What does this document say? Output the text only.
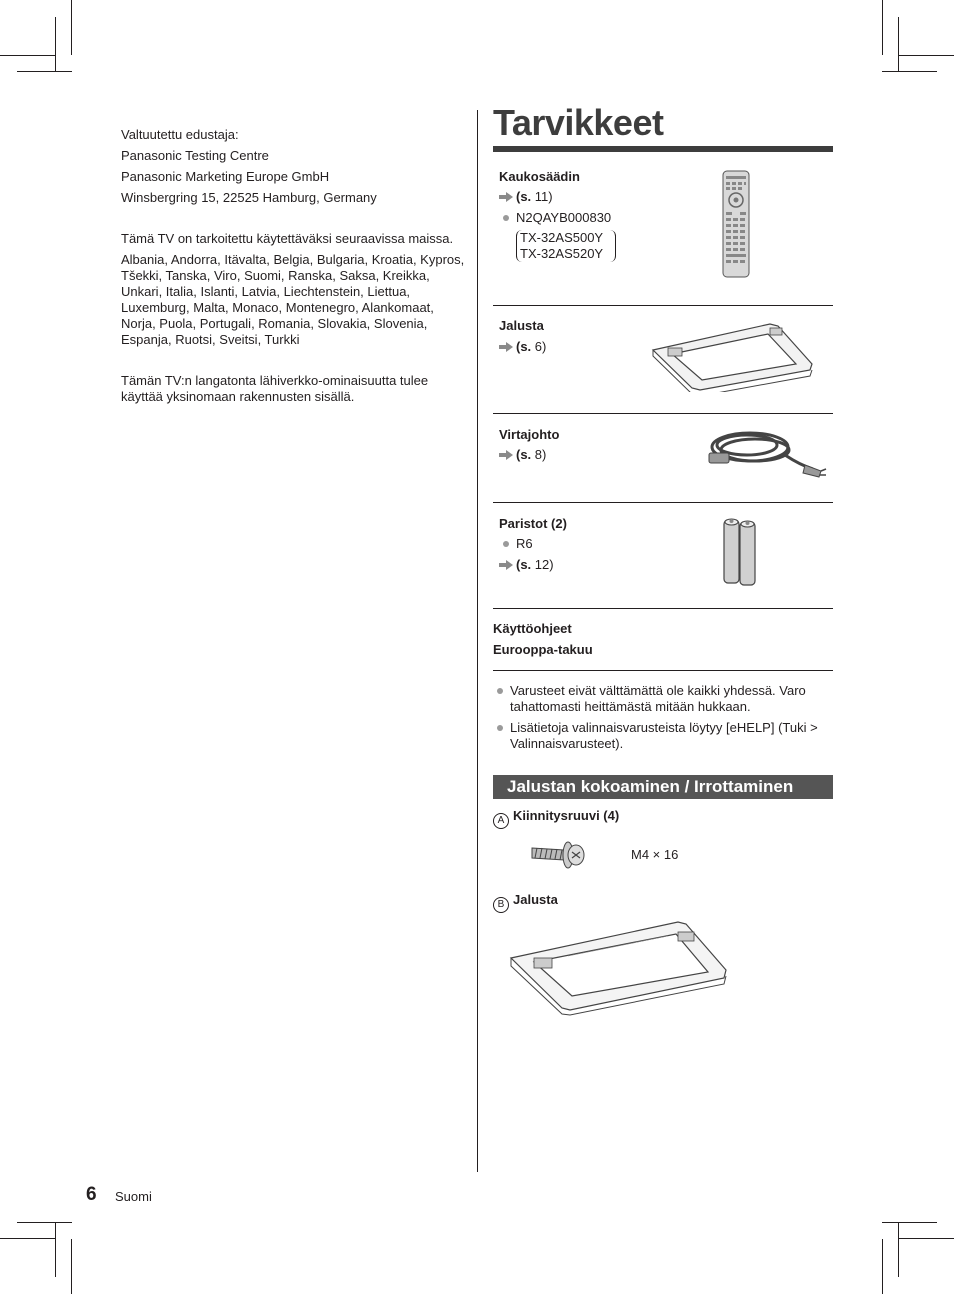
Valtuutettu edustaja:

Panasonic Testing Centre

Panasonic Marketing Europe GmbH

Winsbergring 15, 22525 Hamburg, Germany

Tämä TV on tarkoitettu käytettäväksi seuraavissa maissa.

Albania, Andorra, Itävalta, Belgia, Bulgaria, Kroatia, Kypros, Tšekki, Tanska, Viro, Suomi, Ranska, Saksa, Kreikka, Unkari, Italia, Islanti, Latvia, Liechtenstein, Liettua, Luxemburg, Malta, Monaco, Montenegro, Alankomaat, Norja, Puola, Portugali, Romania, Slovakia, Slovenia, Espanja, Ruotsi, Sveitsi, Turkki

Tämän TV:n langatonta lähiverkko-ominaisuutta tulee käyttää yksinomaan rakennusten sisällä.

Tarvikkeet
Kaukosäädin
(s. 11)
N2QAYB000830
TX-32AS500Y
TX-32AS520Y
Jalusta
(s. 6)
Virtajohto
(s. 8)
Paristot (2)
R6
(s. 12)
Käyttöohjeet
Eurooppa-takuu
Varusteet eivät välttämättä ole kaikki yhdessä. Varo tahattomasti heittämästä mitään hukkaan.
Lisätietoja valinnaisvarusteista löytyy [eHELP] (Tuki > Valinnaisvarusteet).
Jalustan kokoaminen / Irrottaminen
A Kiinnitysruuvi (4)
M4 × 16
B Jalusta
6 Suomi
